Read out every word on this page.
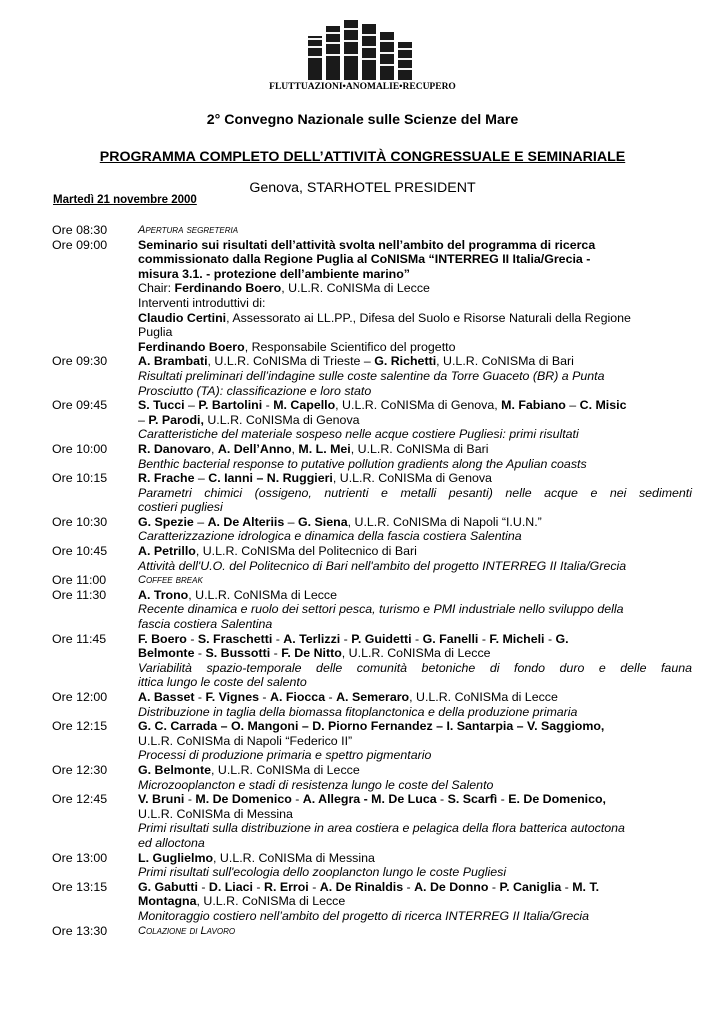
FLUTTUAZIONI•ANOMALIE•RECUPERO
2° Convegno Nazionale sulle Scienze del Mare
PROGRAMMA COMPLETO DELL’ATTIVITÀ CONGRESSUALE E SEMINARIALE
Genova, STARHOTEL PRESIDENT
Martedì 21 novembre 2000
Ore 08:30	Apertura segreteria
Ore 09:00	Seminario sui risultati dell’attività svolta nell’ambito del programma di ricerca
commissionato dalla Regione Puglia al CoNISMa “INTERREG II Italia/Grecia -
misura 3.1. - protezione dell’ambiente marino”
Chair: Ferdinando Boero, U.L.R. CoNISMa di Lecce
Interventi introduttivi di:
Claudio Certini, Assessorato ai LL.PP., Difesa del Suolo e Risorse Naturali della Regione
Puglia
Ferdinando Boero, Responsabile Scientifico del progetto
Ore 09:30	A. Brambati, U.L.R. CoNISMa di Trieste – G. Richetti, U.L.R. CoNISMa di Bari
Risultati preliminari dell’indagine sulle coste salentine da Torre Guaceto (BR) a Punta
Prosciutto (TA): classificazione e loro stato
Ore 09:45	S. Tucci – P. Bartolini - M. Capello, U.L.R. CoNISMa di Genova, M. Fabiano – C. Misic
– P. Parodi, U.L.R. CoNISMa di Genova
Caratteristiche del materiale sospeso nelle acque costiere Pugliesi: primi risultati
Ore 10:00	R. Danovaro, A. Dell’Anno, M. L. Mei, U.L.R. CoNISMa di Bari
Benthic bacterial response to putative pollution gradients along the Apulian coasts
Ore 10:15	R. Frache – C. Ianni – N. Ruggieri, U.L.R. CoNISMa di Genova
Parametri chimici (ossigeno, nutrienti e metalli pesanti) nelle acque e nei sedimenti
costieri pugliesi
Ore 10:30	G. Spezie – A. De Alteriis – G. Siena, U.L.R. CoNISMa di Napoli “I.U.N.”
Caratterizzazione idrologica e dinamica della fascia costiera Salentina
Ore 10:45	A. Petrillo, U.L.R. CoNISMa del Politecnico di Bari
Attività dell'U.O. del Politecnico di Bari nell'ambito del progetto INTERREG II Italia/Grecia
Ore 11:00	Coffee break
Ore 11:30	A. Trono, U.L.R. CoNISMa di Lecce
Recente dinamica e ruolo dei settori pesca, turismo e PMI industriale nello sviluppo della
fascia costiera Salentina
Ore 11:45	F. Boero - S. Fraschetti - A. Terlizzi - P. Guidetti - G. Fanelli - F. Micheli - G.
Belmonte - S. Bussotti - F. De Nitto, U.L.R. CoNISMa di Lecce
Variabilità spazio-temporale delle comunità betoniche di fondo duro e delle fauna
ittica lungo le coste del salento
Ore 12:00	A. Basset - F. Vignes - A. Fiocca - A. Semeraro, U.L.R. CoNISMa di Lecce
Distribuzione in taglia della biomassa fitoplanctonica e della produzione primaria
Ore 12:15	G. C. Carrada – O. Mangoni – D. Piorno Fernandez – I. Santarpia – V. Saggiomo,
U.L.R. CoNISMa di Napoli “Federico II”
Processi di produzione primaria e spettro pigmentario
Ore 12:30	G. Belmonte, U.L.R. CoNISMa di Lecce
Microzooplancton e stadi di resistenza lungo le coste del Salento
Ore 12:45	V. Bruni - M. De Domenico - A. Allegra - M. De Luca - S. Scarfì - E. De Domenico,
U.L.R. CoNISMa di Messina
Primi risultati sulla distribuzione in area costiera e pelagica della flora batterica autoctona
ed alloctona
Ore 13:00	L. Guglielmo, U.L.R. CoNISMa di Messina
Primi risultati sull'ecologia dello zooplancton lungo le coste Pugliesi
Ore 13:15	G. Gabutti - D. Liaci - R. Erroi - A. De Rinaldis - A. De Donno - P. Caniglia - M. T.
Montagna, U.L.R. CoNISMa di Lecce
Monitoraggio costiero nell’ambito del progetto di ricerca INTERREG II Italia/Grecia
Ore 13:30	Colazione di Lavoro
